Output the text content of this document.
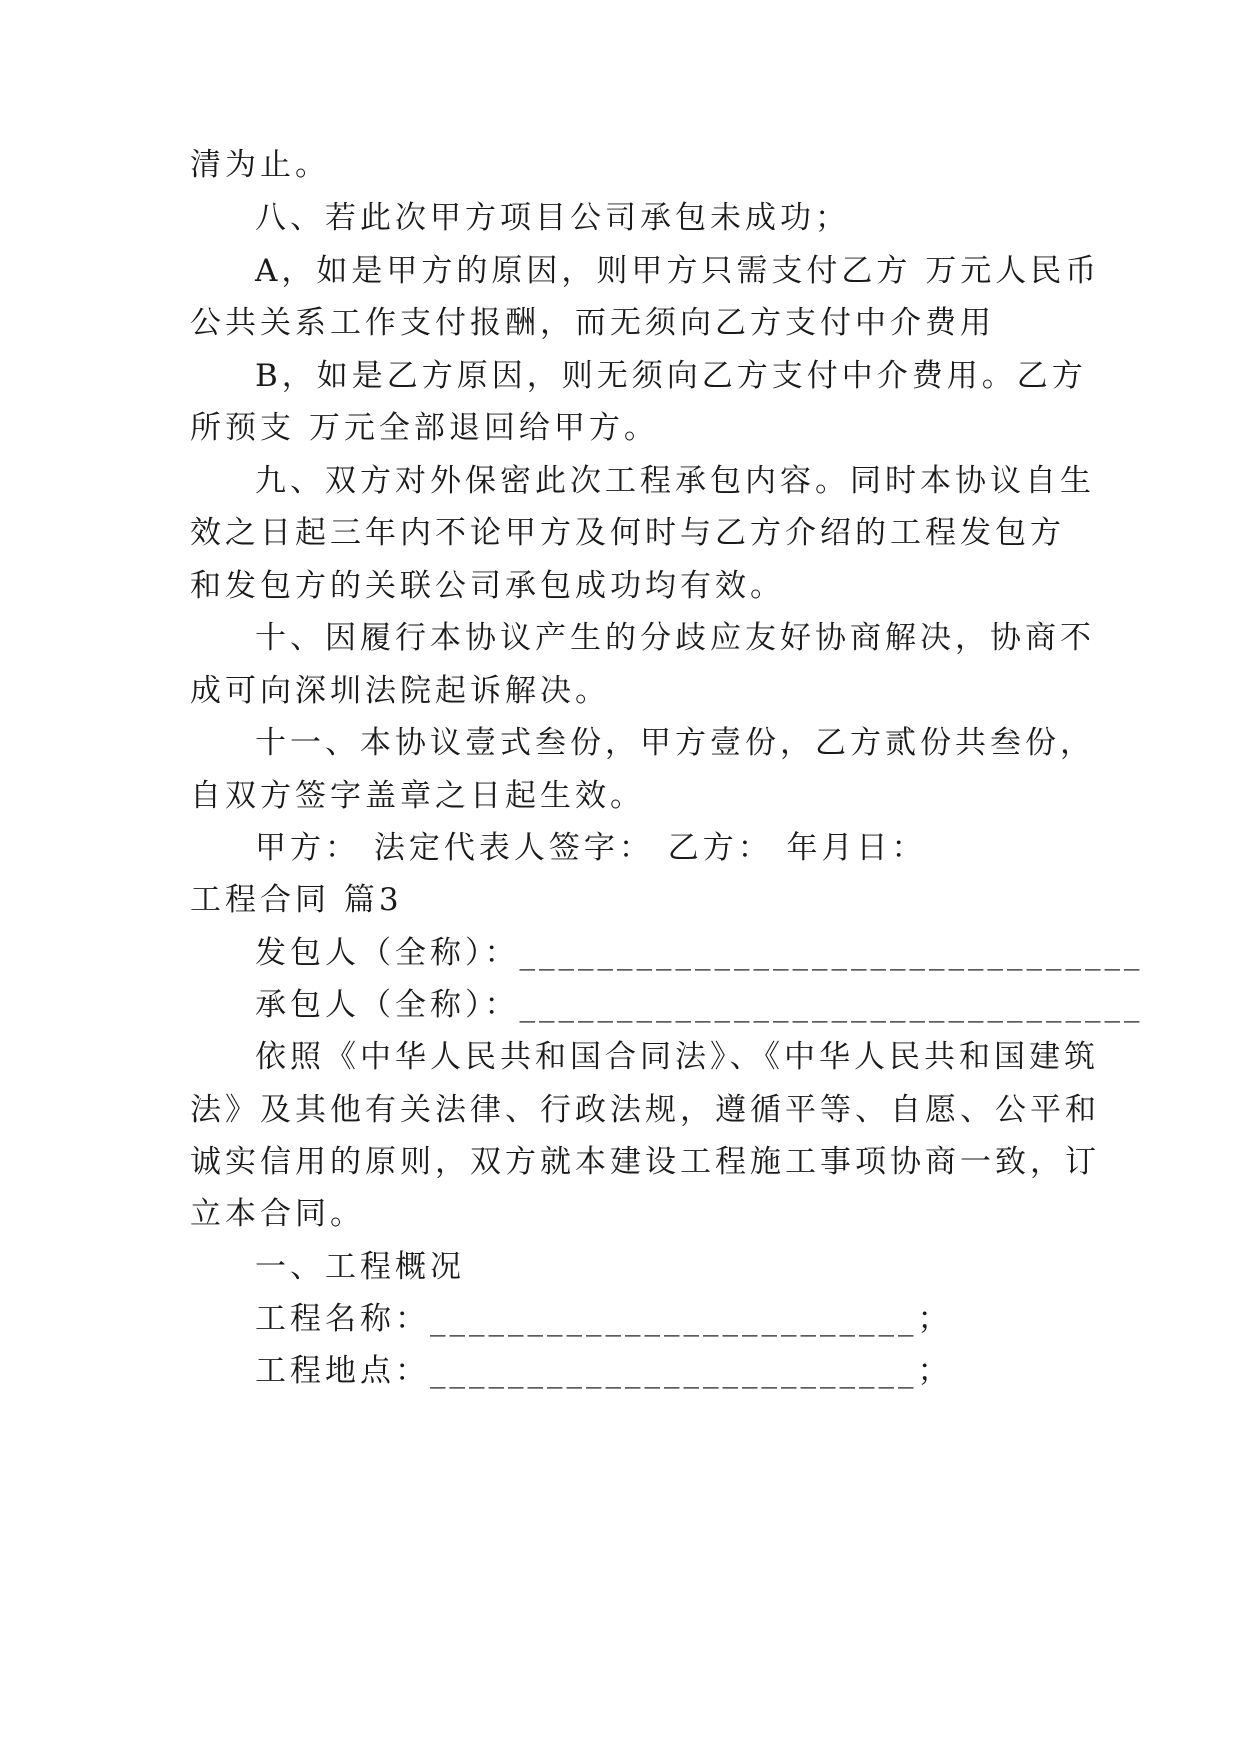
清为止。
八、若此次甲方项目公司承包未成功；
A，如是甲方的原因，则甲方只需支付乙方 万元人民币
公共关系工作支付报酬，而无须向乙方支付中介费用
B，如是乙方原因，则无须向乙方支付中介费用。乙方
所预支 万元全部退回给甲方。
九、双方对外保密此次工程承包内容。同时本协议自生
效之日起三年内不论甲方及何时与乙方介绍的工程发包方
和发包方的关联公司承包成功均有效。
十、因履行本协议产生的分歧应友好协商解决，协商不
成可向深圳法院起诉解决。
十一、本协议壹式叁份，甲方壹份，乙方贰份共叁份，
自双方签字盖章之日起生效。
甲方： 法定代表人签字： 乙方： 年月日：
工程合同 篇3
发包人（全称）：________________________________
承包人（全称）：________________________________
依照《中华人民共和国合同法》、《中华人民共和国建筑
法》及其他有关法律、行政法规，遵循平等、自愿、公平和
诚实信用的原则，双方就本建设工程施工事项协商一致，订
立本合同。
一、工程概况
工程名称：_________________________；
工程地点：_________________________；
